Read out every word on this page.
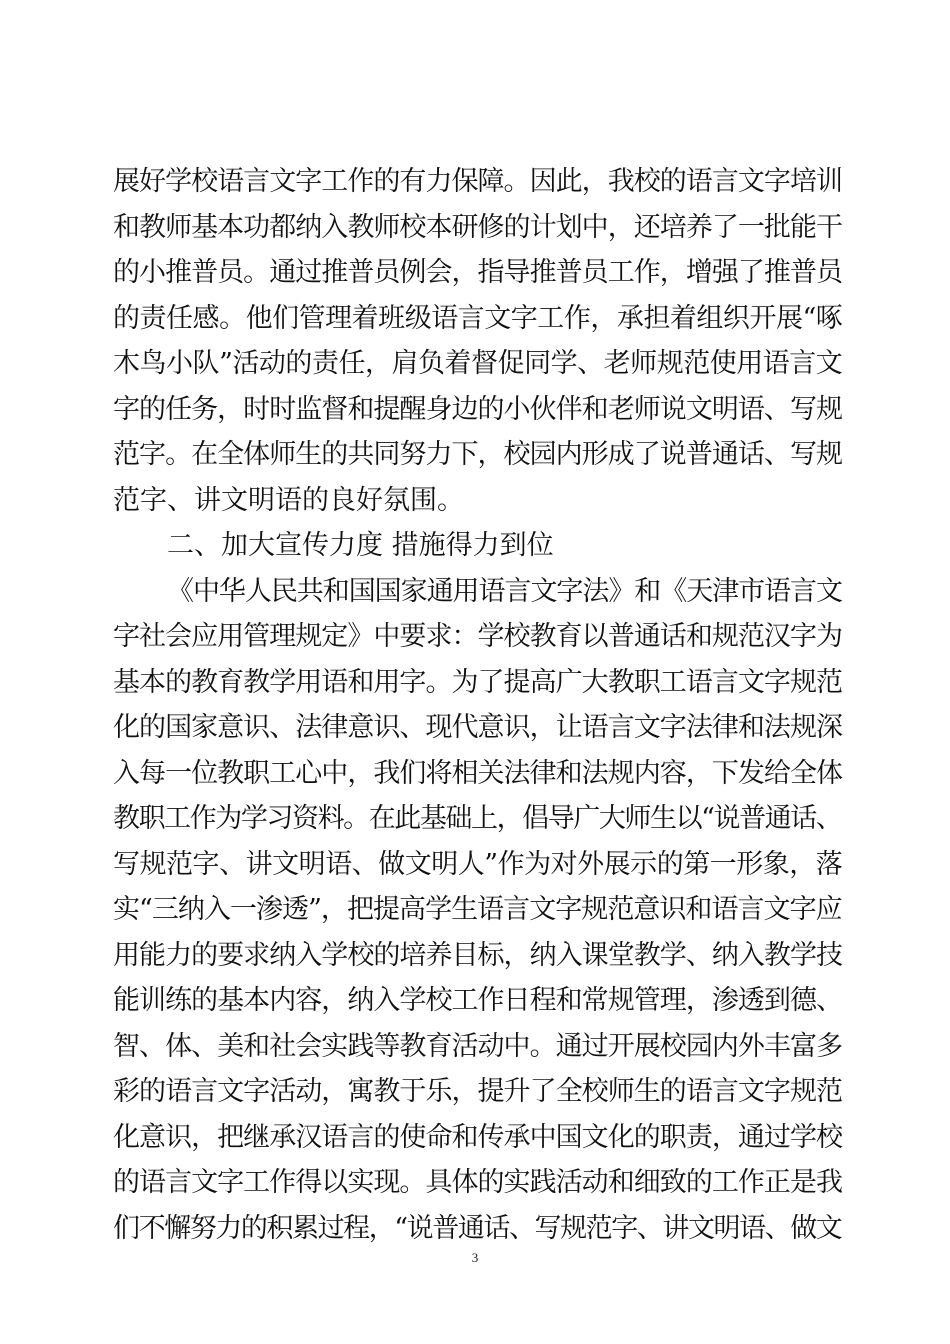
展好学校语言文字工作的有力保障。因此，我校的语言文字培训
和教师基本功都纳入教师校本研修的计划中，还培养了一批能干
的小推普员。通过推普员例会，指导推普员工作，增强了推普员
的责任感。他们管理着班级语言文字工作，承担着组织开展“啄
木鸟小队”活动的责任，肩负着督促同学、老师规范使用语言文
字的任务，时时监督和提醒身边的小伙伴和老师说文明语、写规
范字。在全体师生的共同努力下，校园内形成了说普通话、写规
范字、讲文明语的良好氛围。
二、加大宣传力度 措施得力到位
《中华人民共和国国家通用语言文字法》和《天津市语言文
字社会应用管理规定》中要求：学校教育以普通话和规范汉字为
基本的教育教学用语和用字。为了提高广大教职工语言文字规范
化的国家意识、法律意识、现代意识，让语言文字法律和法规深
入每一位教职工心中，我们将相关法律和法规内容，下发给全体
教职工作为学习资料。在此基础上，倡导广大师生以“说普通话、
写规范字、讲文明语、做文明人”作为对外展示的第一形象，落
实“三纳入一渗透”，把提高学生语言文字规范意识和语言文字应
用能力的要求纳入学校的培养目标，纳入课堂教学、纳入教学技
能训练的基本内容，纳入学校工作日程和常规管理，渗透到德、
智、体、美和社会实践等教育活动中。通过开展校园内外丰富多
彩的语言文字活动，寓教于乐，提升了全校师生的语言文字规范
化意识，把继承汉语言的使命和传承中国文化的职责，通过学校
的语言文字工作得以实现。具体的实践活动和细致的工作正是我
们不懈努力的积累过程，“说普通话、写规范字、讲文明语、做文
3
